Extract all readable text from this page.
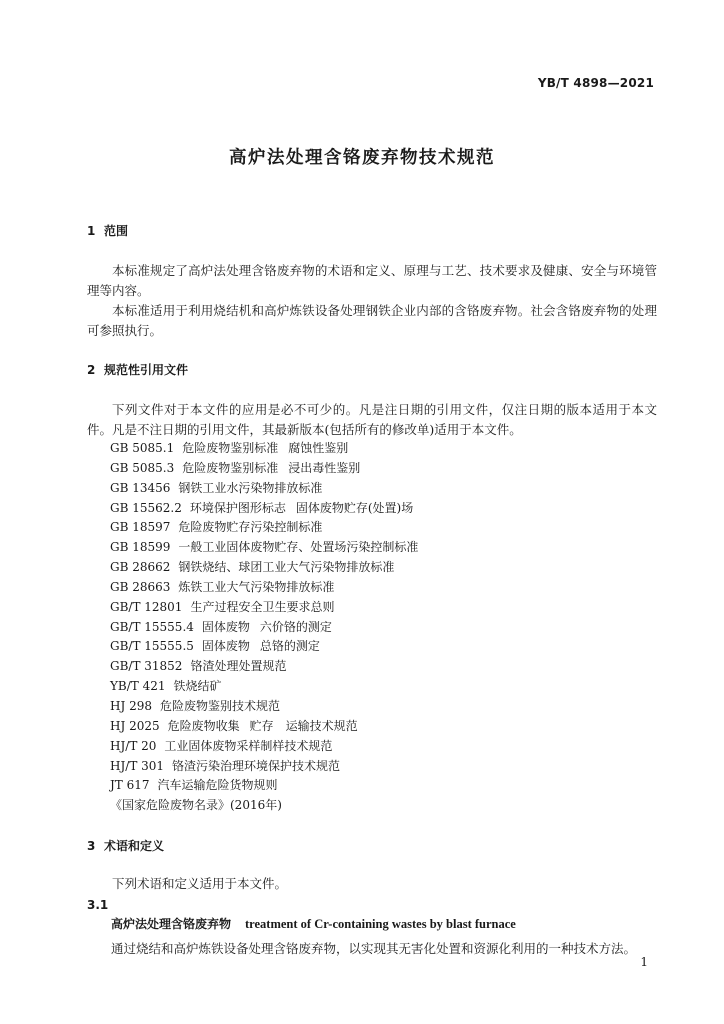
YB/T 4898—2021
高炉法处理含铬废弃物技术规范
1 范围
本标准规定了高炉法处理含铬废弃物的术语和定义、原理与工艺、技术要求及健康、安全与环境管理等内容。
本标准适用于利用烧结机和高炉炼铁设备处理钢铁企业内部的含铬废弃物。社会含铬废弃物的处理可参照执行。
2 规范性引用文件
下列文件对于本文件的应用是必不可少的。凡是注日期的引用文件，仅注日期的版本适用于本文件。凡是不注日期的引用文件，其最新版本(包括所有的修改单)适用于本文件。
GB 5085.1 危险废物鉴别标准 腐蚀性鉴别
GB 5085.3 危险废物鉴别标准 浸出毒性鉴别
GB 13456 钢铁工业水污染物排放标准
GB 15562.2 环境保护图形标志 固体废物贮存(处置)场
GB 18597 危险废物贮存污染控制标准
GB 18599 一般工业固体废物贮存、处置场污染控制标准
GB 28662 钢铁烧结、球团工业大气污染物排放标准
GB 28663 炼铁工业大气污染物排放标准
GB/T 12801 生产过程安全卫生要求总则
GB/T 15555.4 固体废物 六价铬的测定
GB/T 15555.5 固体废物 总铬的测定
GB/T 31852 铬渣处理处置规范
YB/T 421 铁烧结矿
HJ 298 危险废物鉴别技术规范
HJ 2025 危险废物收集 贮存　运输技术规范
HJ/T 20 工业固体废物采样制样技术规范
HJ/T 301 铬渣污染治理环境保护技术规范
JT 617 汽车运输危险货物规则
《国家危险废物名录》(2016年)
3 术语和定义
下列术语和定义适用于本文件。
3.1
高炉法处理含铬废弃物 treatment of Cr-containing wastes by blast furnace
通过烧结和高炉炼铁设备处理含铬废弃物，以实现其无害化处置和资源化利用的一种技术方法。
1
